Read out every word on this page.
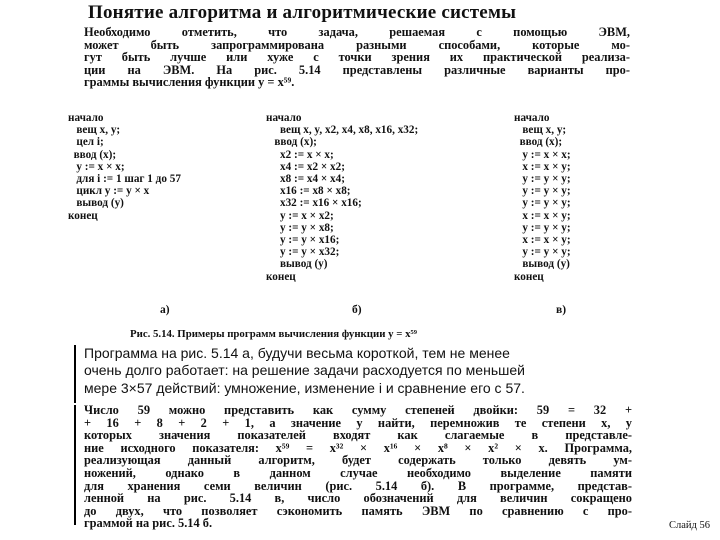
Понятие алгоритма и алгоритмические системы
Необходимо отметить, что задача, решаемая с помощью ЭВМ,
может быть запрограммирована разными способами, которые мо-
гут быть лучше или хуже с точки зрения их практической реализа-
ции на ЭВМ. На рис. 5.14 представлены различные варианты про-
граммы вычисления функции y = x⁵⁹.
начало
вещ x, y;
цел i;
ввод (x);
y := x × x;
для i := 1 шаг 1 до 57
цикл y := y × x
вывод (y)
конец
начало
вещ x, y, x2, x4, x8, x16, x32;
ввод (x);
x2 := x × x;
x4 := x2 × x2;
x8 := x4 × x4;
x16 := x8 × x8;
x32 := x16 × x16;
y := x × x2;
y := y × x8;
y := y × x16;
y := y × x32;
вывод (y)
конец
начало
вещ x, y;
ввод (x);
y := x × x;
x := x × y;
y := y × y;
y := y × y;
y := y × y;
x := x × y;
y := y × y;
x := x × y;
y := y × y;
вывод (y)
конец
а)	б)	в)
Рис. 5.14. Примеры программ вычисления функции y = x⁵⁹
Программа на рис. 5.14 а, будучи весьма короткой, тем не менее
очень долго работает: на решение задачи расходуется по меньшей
мере 3×57 действий: умножение, изменение i и сравнение его с 57.
Число 59 можно представить как сумму степеней двойки: 59 = 32 +
+ 16 + 8 + 2 + 1, а значение y найти, перемножив те степени x, у
которых значения показателей входят как слагаемые в представле-
ние исходного показателя: x⁵⁹ = x³² × x¹⁶ × x⁸ × x² × x. Программа,
реализующая данный алгоритм, будет содержать только девять ум-
ножений, однако в данном случае необходимо выделение памяти
для хранения семи величин (рис. 5.14 б). В программе, представ-
ленной на рис. 5.14 в, число обозначений для величин сокращено
до двух, что позволяет сэкономить память ЭВМ по сравнению с про-
граммой на рис. 5.14 б.	Слайд 56
